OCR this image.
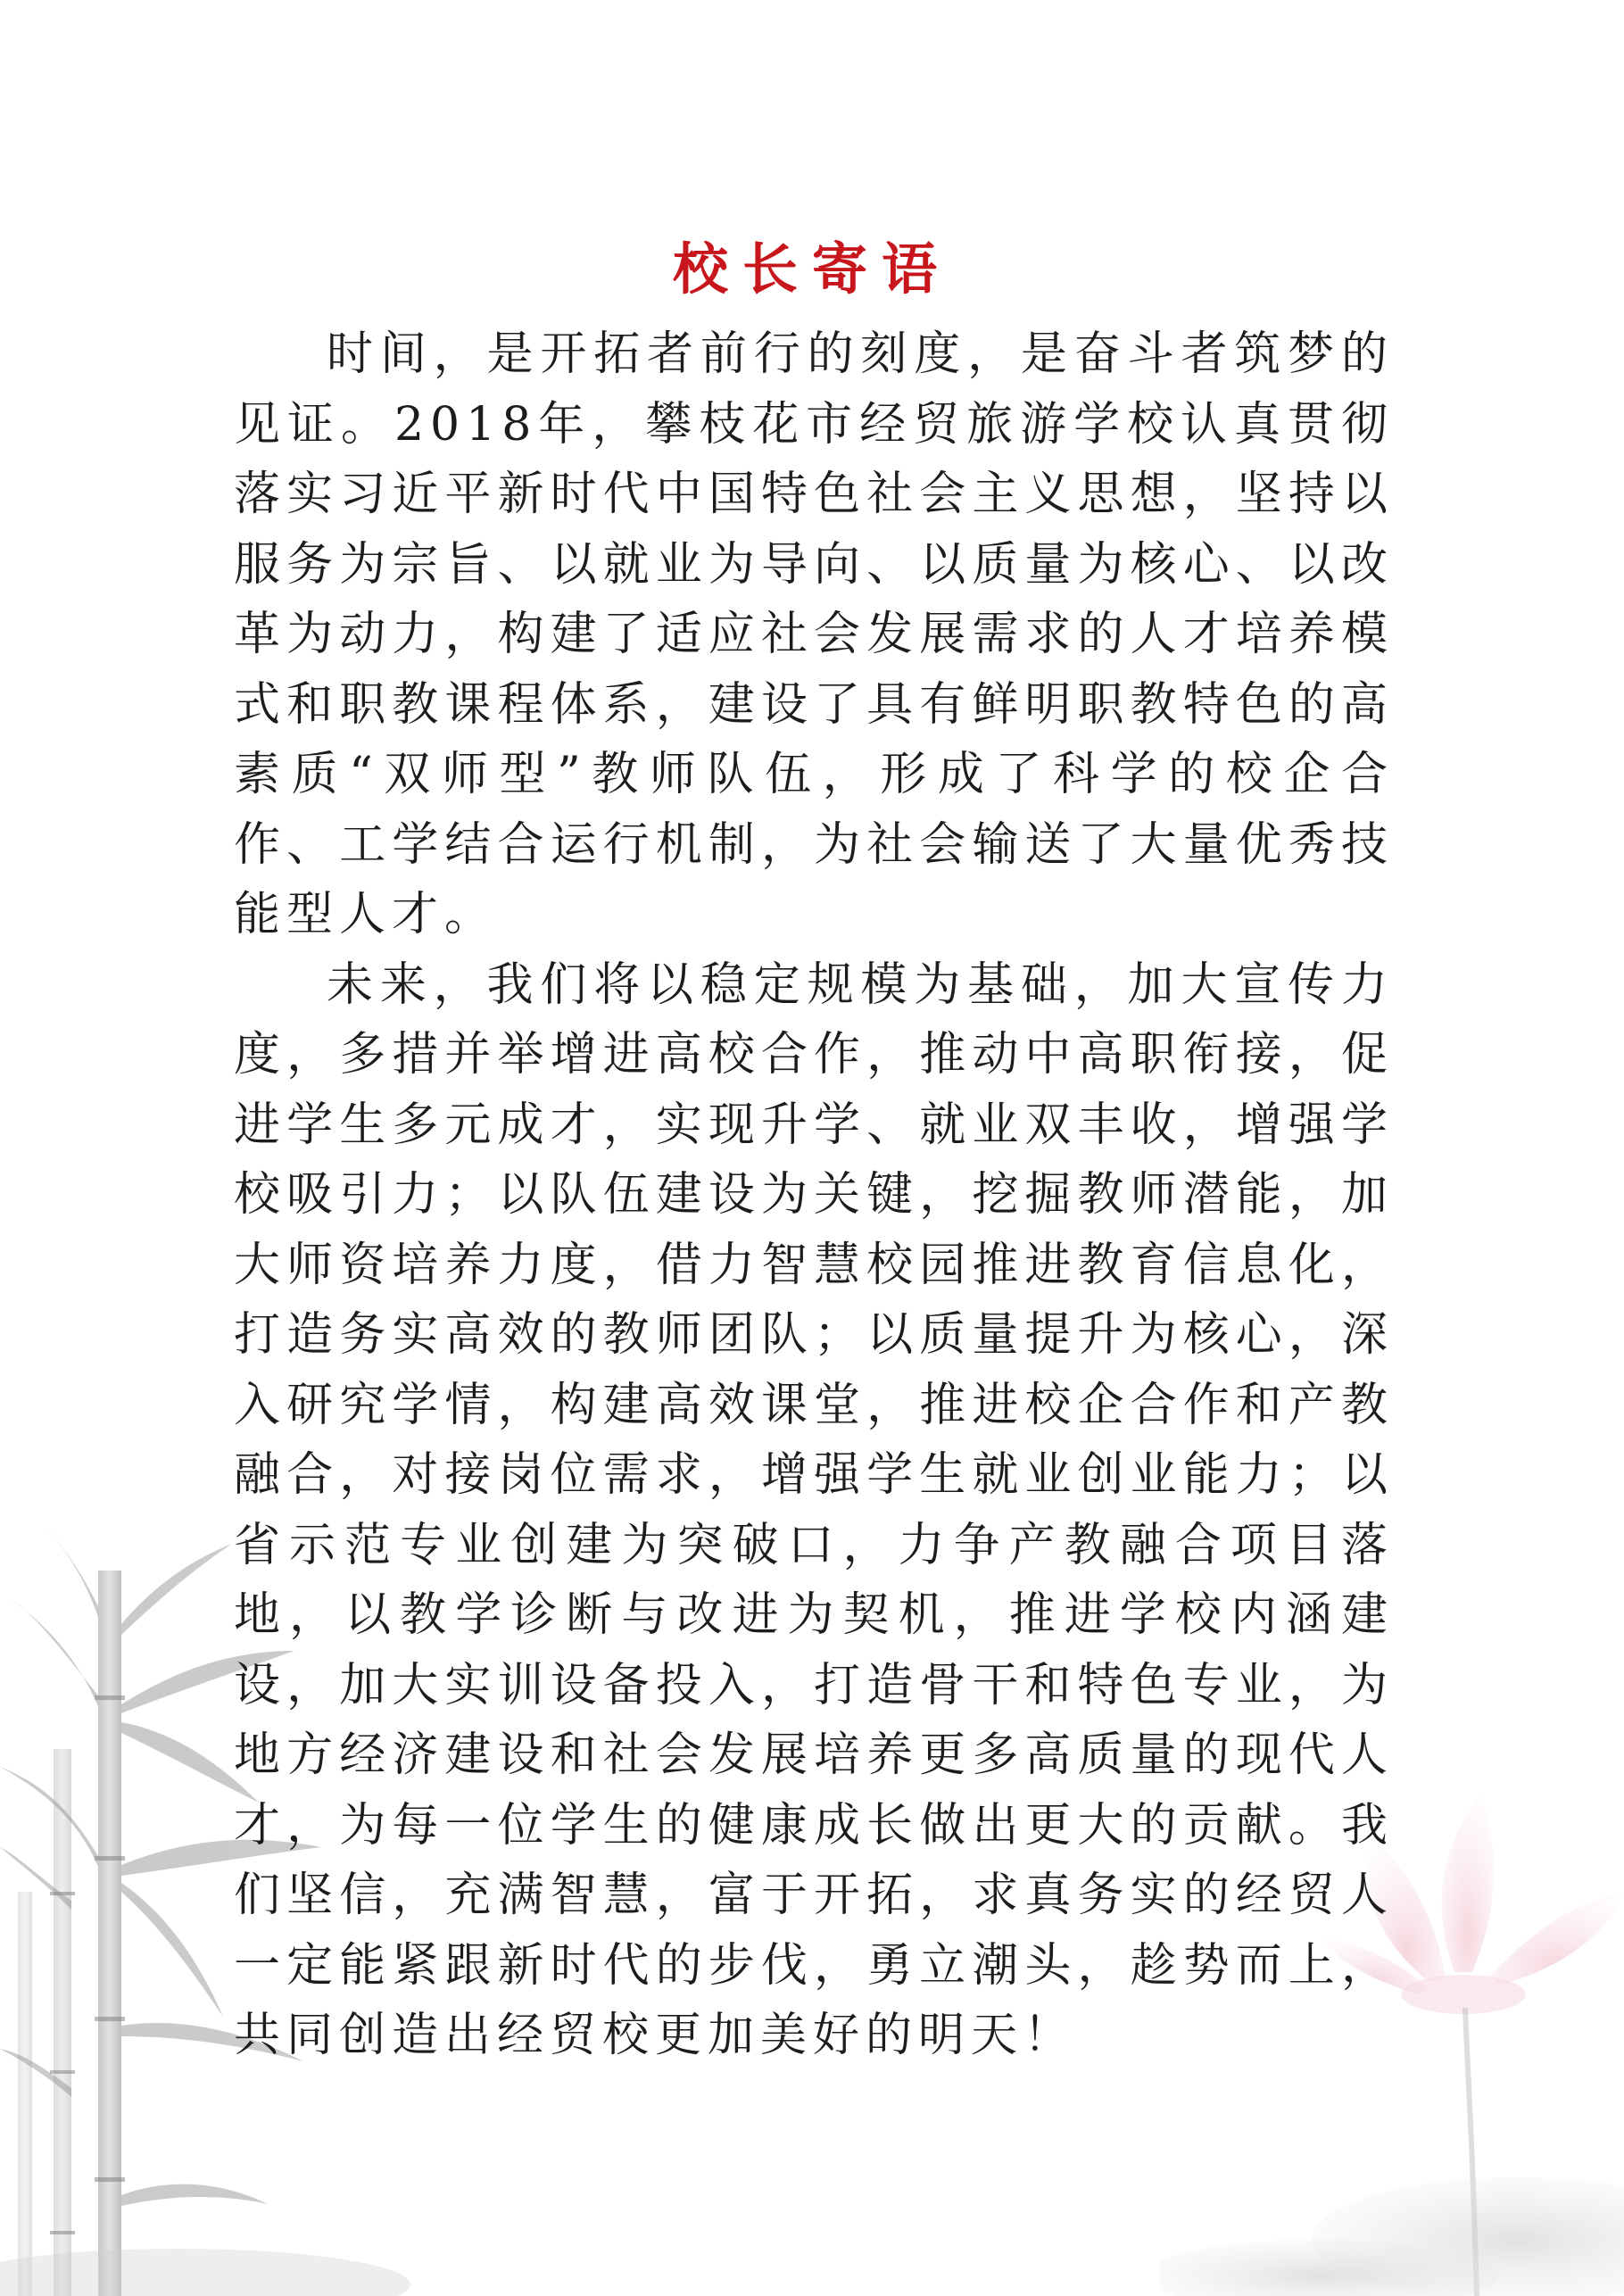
校长寄语

时间，是开拓者前行的刻度，是奋斗者筑梦的见证。2018年，攀枝花市经贸旅游学校认真贯彻落实习近平新时代中国特色社会主义思想，坚持以服务为宗旨、以就业为导向、以质量为核心、以改革为动力，构建了适应社会发展需求的人才培养模式和职教课程体系，建设了具有鲜明职教特色的高素质“双师型”教师队伍，形成了科学的校企合作、工学结合运行机制，为社会输送了大量优秀技能型人才。

未来，我们将以稳定规模为基础，加大宣传力度，多措并举增进高校合作，推动中高职衔接，促进学生多元成才，实现升学、就业双丰收，增强学校吸引力；以队伍建设为关键，挖掘教师潜能，加大师资培养力度，借力智慧校园推进教育信息化，打造务实高效的教师团队；以质量提升为核心，深入研究学情，构建高效课堂，推进校企合作和产教融合，对接岗位需求，增强学生就业创业能力；以省示范专业创建为突破口，力争产教融合项目落地，以教学诊断与改进为契机，推进学校内涵建设，加大实训设备投入，打造骨干和特色专业，为地方经济建设和社会发展培养更多高质量的现代人才，为每一位学生的健康成长做出更大的贡献。我们坚信，充满智慧，富于开拓，求真务实的经贸人一定能紧跟新时代的步伐，勇立潮头，趁势而上，共同创造出经贸校更加美好的明天！
